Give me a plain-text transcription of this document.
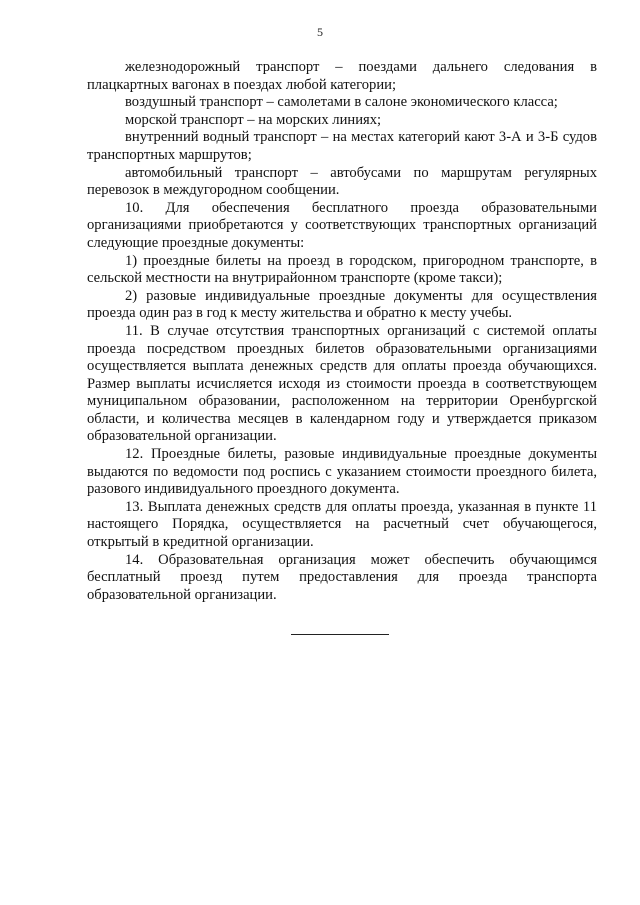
5

железнодорожный транспорт – поездами дальнего следования в плацкартных вагонах в поездах любой категории;

воздушный транспорт – самолетами в салоне экономического класса;

морской транспорт – на морских линиях;

внутренний водный транспорт – на местах категорий кают 3-А и 3-Б судов транспортных маршрутов;

автомобильный транспорт – автобусами по маршрутам регулярных перевозок в междугородном сообщении.

10. Для обеспечения бесплатного проезда образовательными организациями приобретаются у соответствующих транспортных организаций следующие проездные документы:

1) проездные билеты на проезд в городском, пригородном транспорте, в сельской местности на внутрирайонном транспорте (кроме такси);

2) разовые индивидуальные проездные документы для осуществления проезда один раз в год к месту жительства и обратно к месту учебы.

11. В случае отсутствия транспортных организаций с системой оплаты проезда посредством проездных билетов образовательными организациями осуществляется выплата денежных средств для оплаты проезда обучающихся. Размер выплаты исчисляется исходя из стоимости проезда в соответствующем муниципальном образовании, расположенном на территории Оренбургской области, и количества месяцев в календарном году и утверждается приказом образовательной организации.

12. Проездные билеты, разовые индивидуальные проездные документы выдаются по ведомости под роспись с указанием стоимости проездного билета, разового индивидуального проездного документа.

13. Выплата денежных средств для оплаты проезда, указанная в пункте 11 настоящего Порядка, осуществляется на расчетный счет обучающегося, открытый в кредитной организации.

14. Образовательная организация может обеспечить обучающимся бесплатный проезд путем предоставления для проезда транспорта образовательной организации.
